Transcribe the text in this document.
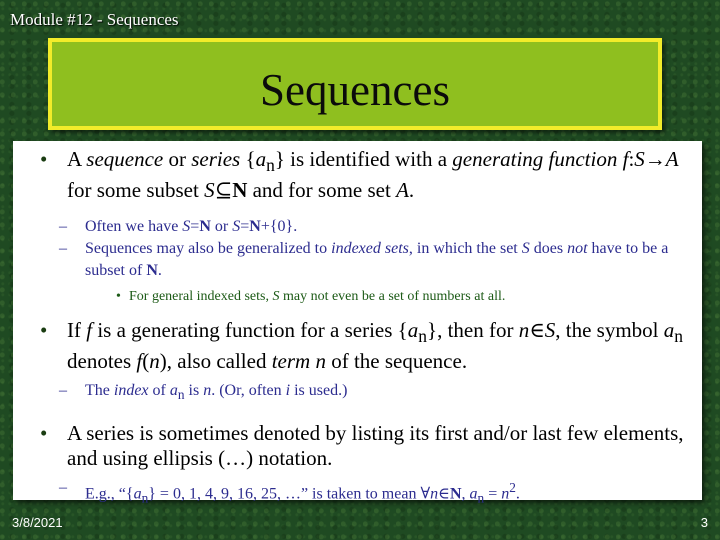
Module #12 - Sequences
Sequences

• A sequence or series $\{a_n\}$ is identified with a generating function f:S→A for some subset S⊆N and for some set A.

– Often we have S=N or S=N+{0}.

– Sequences may also be generalized to indexed sets, in which the set S does not have to be a subset of N.

• For general indexed sets, S may not even be a set of numbers at all.

• If f is a generating function for a series $\{a_n\}$, then for n∈S, the symbol $a_n$ denotes f(n), also called term n of the sequence.

– The index of $a_n$ is n. (Or, often i is used.)

• A series is sometimes denoted by listing its first and/or last few elements, and using ellipsis (…) notation.

– E.g., “$\{a_n\} = 0$, 1, 4, 9, 16, 25, …” is taken to mean ∀n∈N, $a_n = n^2$.

3/8/2021	3
